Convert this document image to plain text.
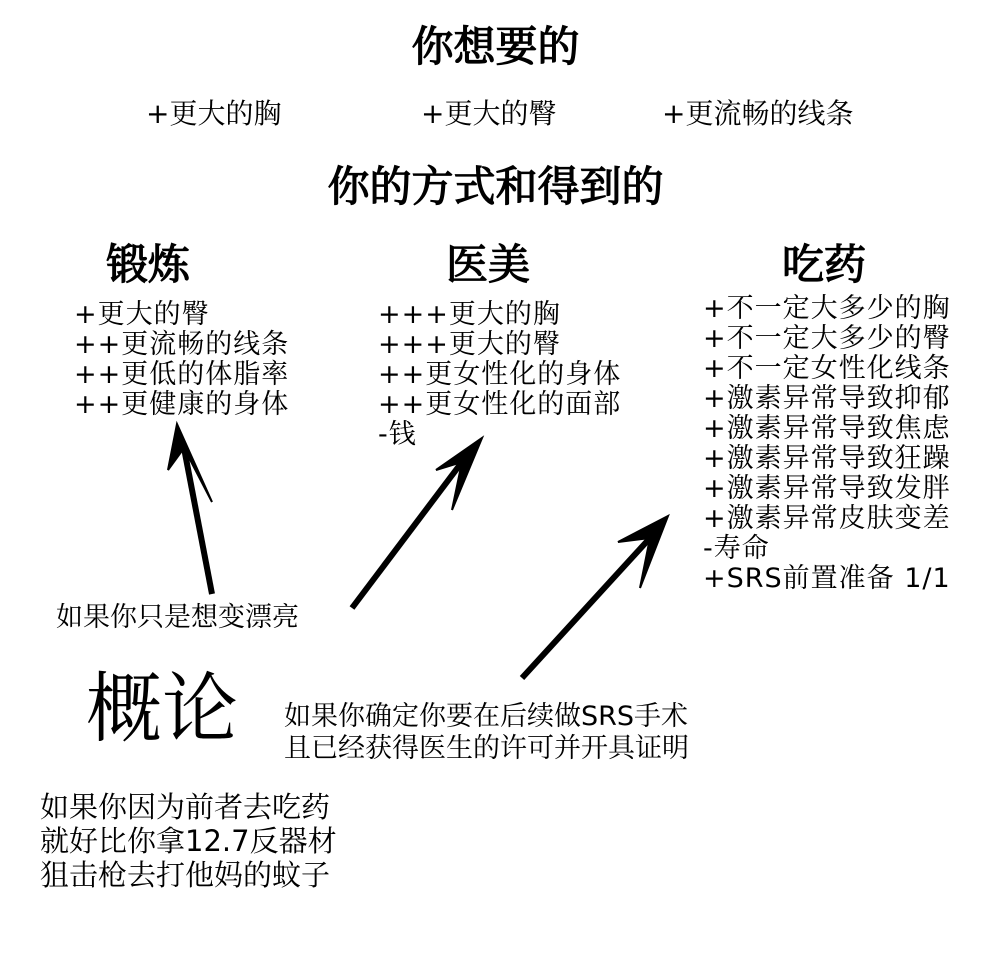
你想要的
+更大的胸	+更大的臀	+更流畅的线条
你的方式和得到的
锻炼	医美	吃药
+更大的臀
++更流畅的线条
++更低的体脂率
++更健康的身体
+++更大的胸
+++更大的臀
++更女性化的身体
++更女性化的面部
-钱
+不一定大多少的胸
+不一定大多少的臀
+不一定女性化线条
+激素异常导致抑郁
+激素异常导致焦虑
+激素异常导致狂躁
+激素异常导致发胖
+激素异常皮肤变差
-寿命
+SRS前置准备 1/1
如果你只是想变漂亮
概论 如果你确定你要在后续做SRS手术
且已经获得医生的许可并开具证明
如果你因为前者去吃药
就好比你拿12.7反器材
狙击枪去打他妈的蚊子
